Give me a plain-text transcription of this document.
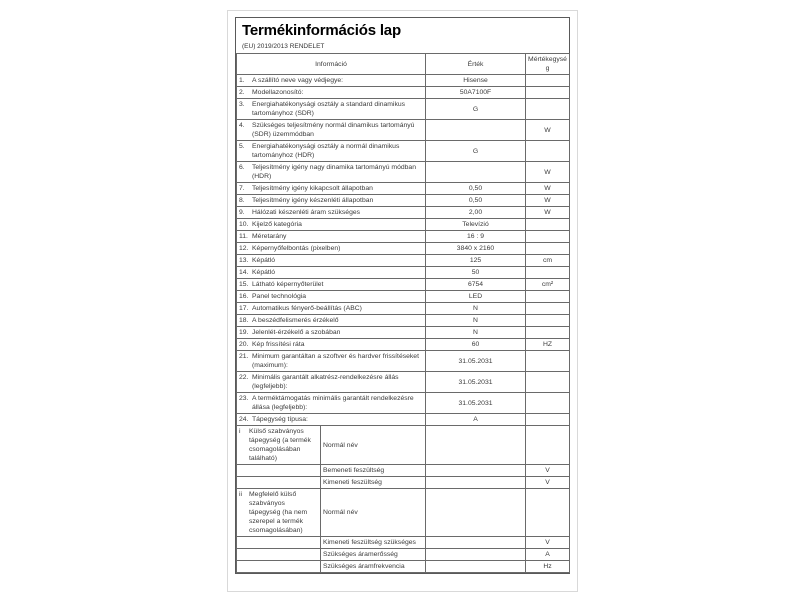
Termékinformációs lap
(EU) 2019/2013 RENDELET
Információ		Érték	Mértékegység

1. A szállító neve vagy védjegye:		Hisense	

2. Modellazonosító:		50A7100F	

3. Energiahatékonysági osztály a standard dinamikus tartományhoz (SDR)		G	

4. Szükséges teljesítmény normál dinamikus tartományú (SDR) üzemmódban			W

5. Energiahatékonysági osztály a normál dinamikus tartományhoz (HDR)		G	

6. Teljesítmény igény nagy dinamika tartományú módban (HDR)			W

7. Teljesítmény igény kikapcsolt állapotban		0,50	W

8. Teljesítmény igény készenléti állapotban		0,50	W

9. Hálózati készenléti áram szükséges		2,00	W

10. Kijelző kategória		Televízió	

11. Méretarány		16 : 9	

12. Képernyőfelbontás (pixelben)		3840 x 2160	

13. Képátló		125	cm

14. Képátló		50	

15. Látható képernyőterület		6754	cm²

16. Panel technológia		LED	

17. Automatikus fényerő-beállítás (ABC)		N	

18. A beszédfelismerés érzékelő		N	

19. Jelenlét-érzékelő a szobában		N	

20. Kép frissítési ráta		60	HZ

21. Minimum garantáltan a szoftver és hardver frissítéseket (maximum):		31.05.2031	

22. Minimális garantált alkatrész-rendelkezésre állás (legfeljebb):		31.05.2031	

23. A terméktámogatás minimális garantált rendelkezésre állása (legfeljebb):		31.05.2031	

24. Tápegység típusa:		A	

i Külső szabványos tápegység (a termék csomagolásában található)	Normál név		
	Bemeneti feszültség		V
	Kimeneti feszültség		V

ii Megfelelő külső szabványos tápegység (ha nem szerepel a termék csomagolásában)	Normál név		
	Kimeneti feszültség szükséges		V
	Szükséges áramerősség		A
	Szükséges áramfrekvencia		Hz
